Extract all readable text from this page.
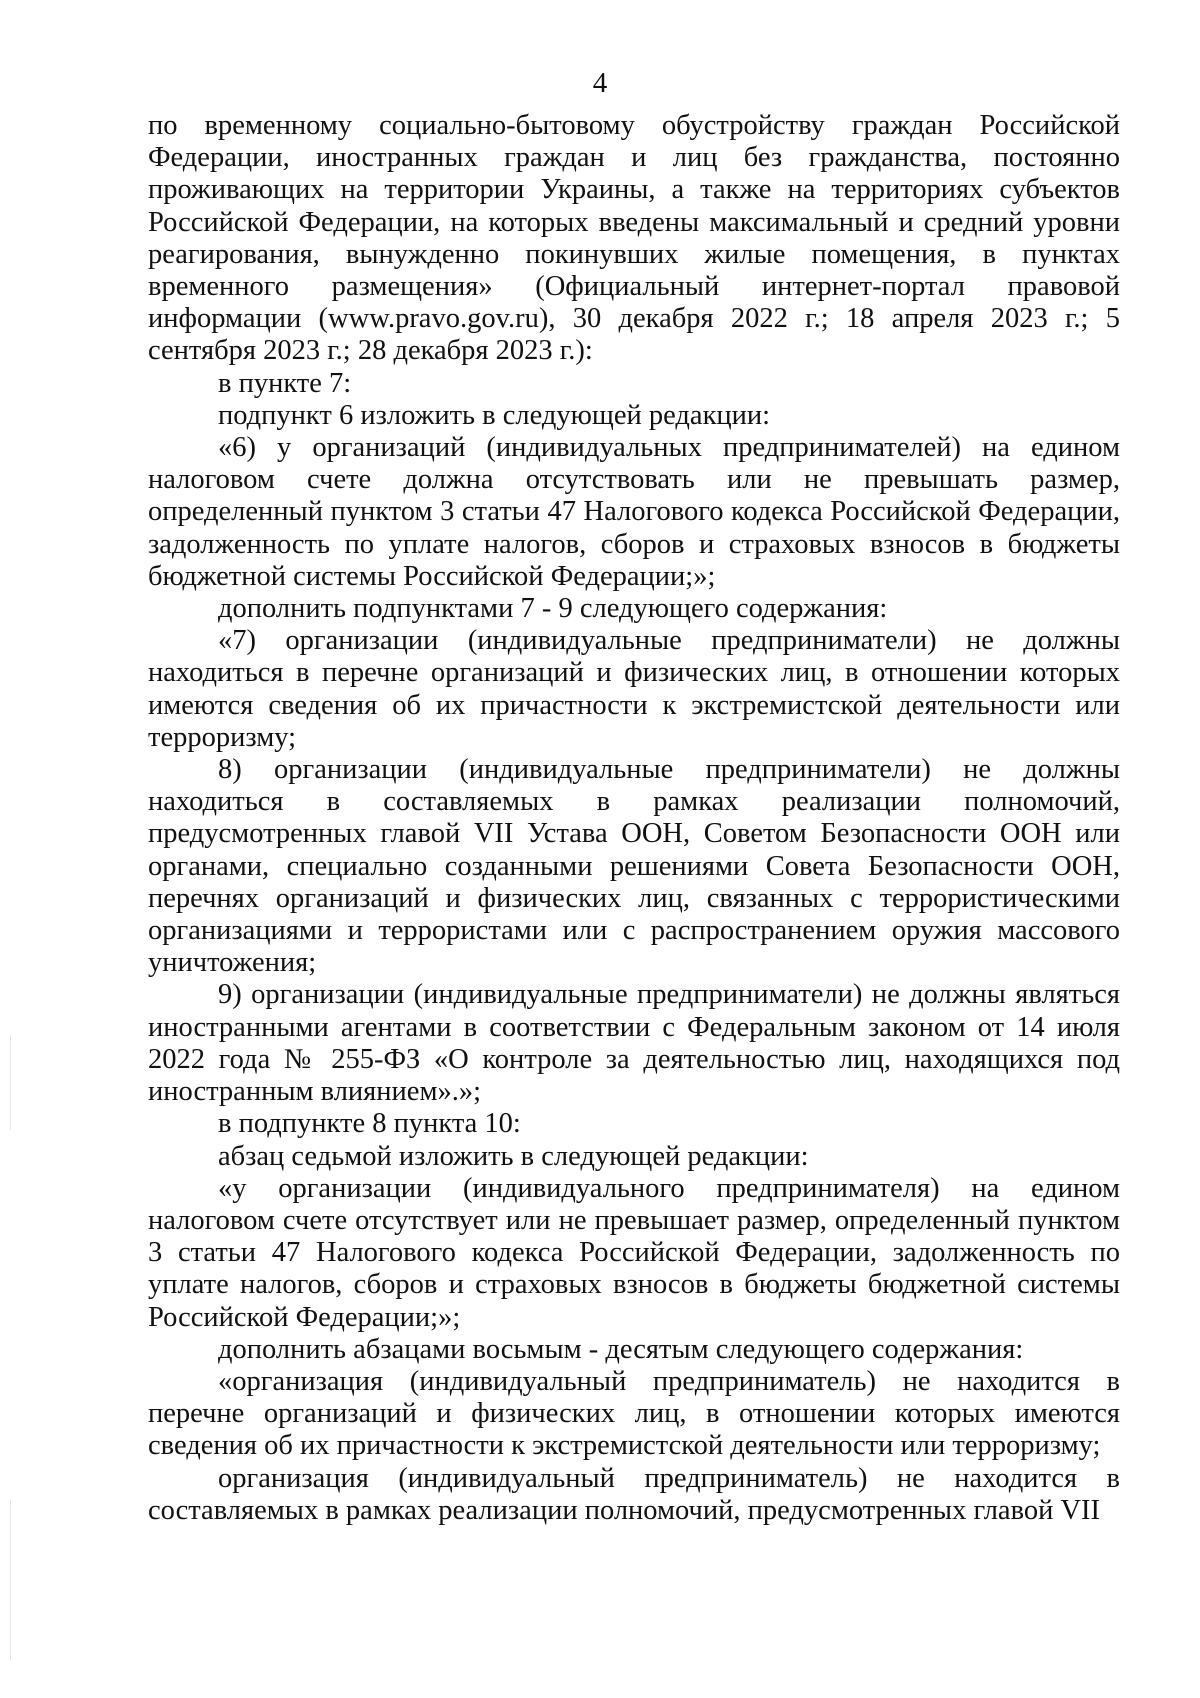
4

по временному социально-бытовому обустройству граждан Российской Федерации, иностранных граждан и лиц без гражданства, постоянно проживающих на территории Украины, а также на территориях субъектов Российской Федерации, на которых введены максимальный и средний уровни реагирования, вынужденно покинувших жилые помещения, в пунктах временного размещения» (Официальный интернет-портал правовой информации (www.pravo.gov.ru), 30 декабря 2022 г.; 18 апреля 2023 г.; 5 сентября 2023 г.; 28 декабря 2023 г.):

в пункте 7:

подпункт 6 изложить в следующей редакции:

«6) у организаций (индивидуальных предпринимателей) на едином налоговом счете должна отсутствовать или не превышать размер, определенный пунктом 3 статьи 47 Налогового кодекса Российской Федерации, задолженность по уплате налогов, сборов и страховых взносов в бюджеты бюджетной системы Российской Федерации;»;

дополнить подпунктами 7 - 9 следующего содержания:

«7) организации (индивидуальные предприниматели) не должны находиться в перечне организаций и физических лиц, в отношении которых имеются сведения об их причастности к экстремистской деятельности или терроризму;

8) организации (индивидуальные предприниматели) не должны находиться в составляемых в рамках реализации полномочий, предусмотренных главой VII Устава ООН, Советом Безопасности ООН или органами, специально созданными решениями Совета Безопасности ООН, перечнях организаций и физических лиц, связанных с террористическими организациями и террористами или с распространением оружия массового уничтожения;

9) организации (индивидуальные предприниматели) не должны являться иностранными агентами в соответствии с Федеральным законом от 14 июля 2022 года № 255-ФЗ «О контроле за деятельностью лиц, находящихся под иностранным влиянием».»;

в подпункте 8 пункта 10:

абзац седьмой изложить в следующей редакции:

«у организации (индивидуального предпринимателя) на едином налоговом счете отсутствует или не превышает размер, определенный пунктом 3 статьи 47 Налогового кодекса Российской Федерации, задолженность по уплате налогов, сборов и страховых взносов в бюджеты бюджетной системы Российской Федерации;»;

дополнить абзацами восьмым - десятым следующего содержания:

«организация (индивидуальный предприниматель) не находится в перечне организаций и физических лиц, в отношении которых имеются сведения об их причастности к экстремистской деятельности или терроризму;

организация (индивидуальный предприниматель) не находится в составляемых в рамках реализации полномочий, предусмотренных главой VII
